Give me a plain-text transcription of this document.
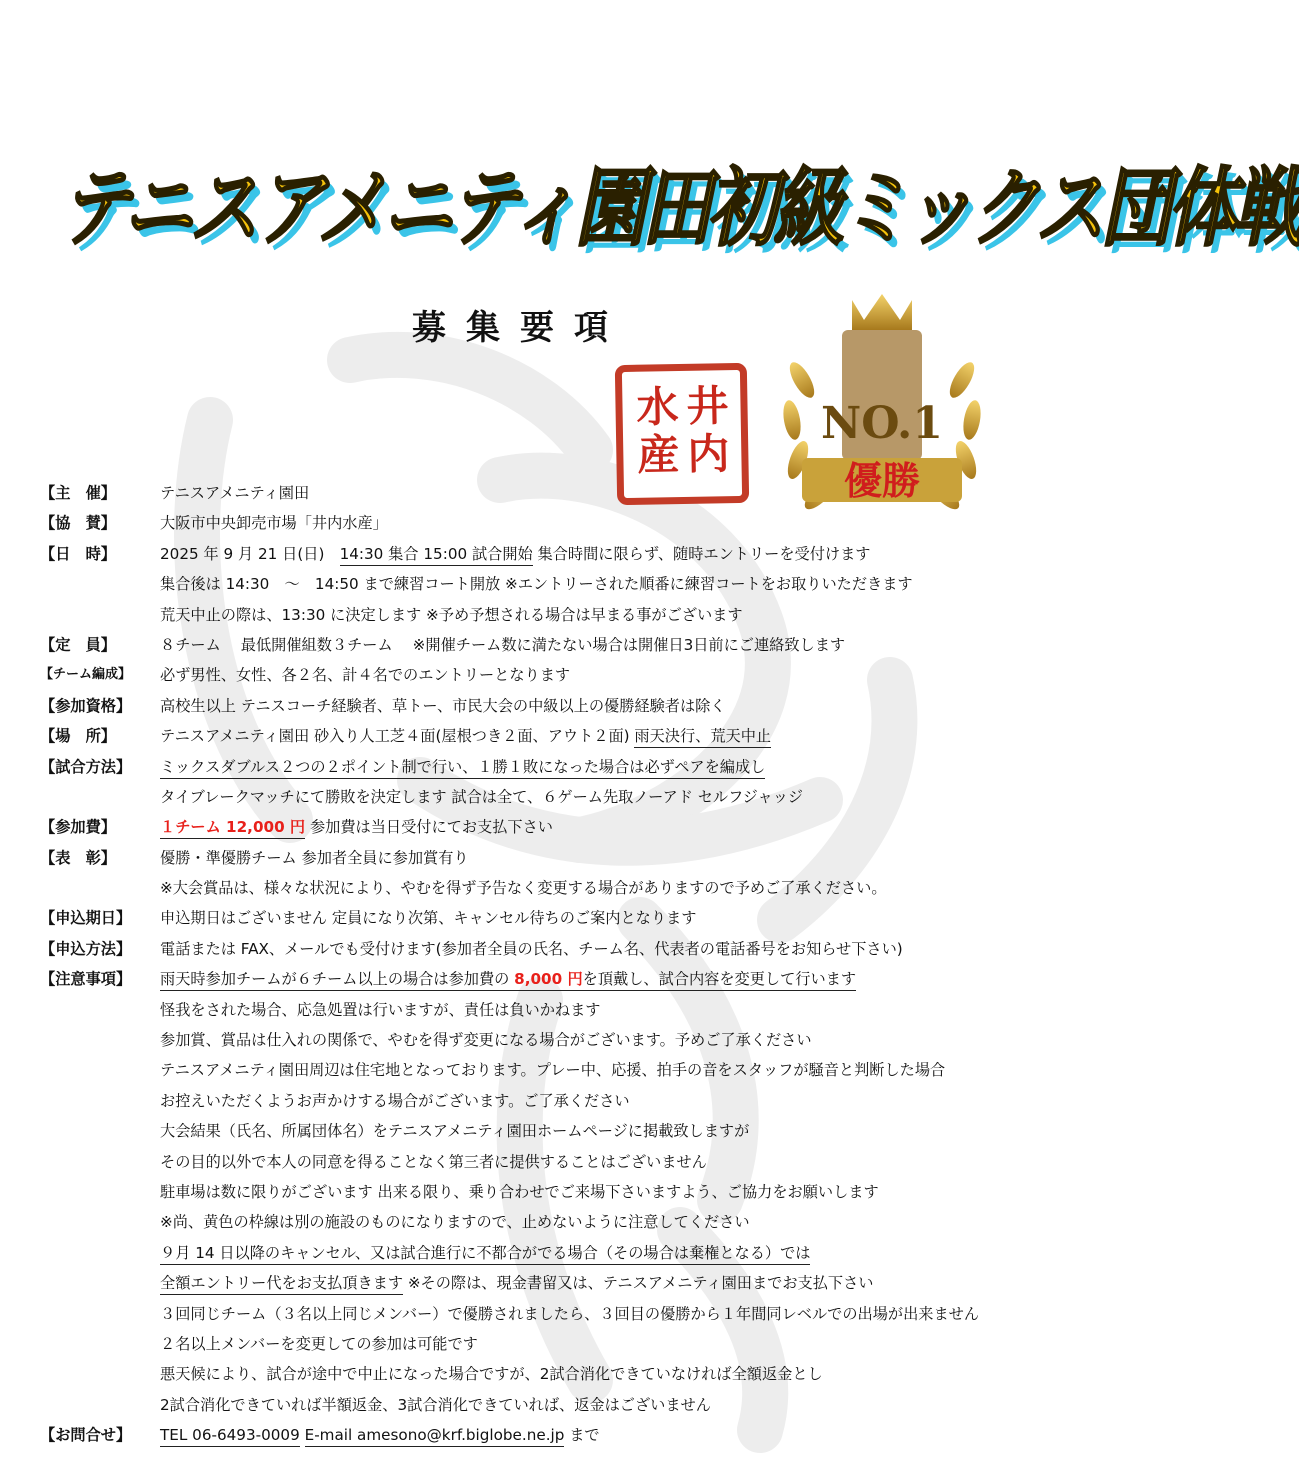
テニスアメニティ園田初級ミックス団体戦
募集要項
井
内
水
産
NO.1
優勝
【主　催】	テニスアメニティ園田
【協　賛】	大阪市中央卸売市場「井内水産」
【日　時】	2025 年 9 月 21 日(日)　14:30 集合 15:00 試合開始 集合時間に限らず、随時エントリーを受付けます
集合後は 14:30　～　14:50 まで練習コート開放 ※エントリーされた順番に練習コートをお取りいただきます
荒天中止の際は、13:30 に決定します ※予め予想される場合は早まる事がございます
【定　員】	８チーム　 最低開催組数３チーム　 ※開催チーム数に満たない場合は開催日3日前にご連絡致します
【チーム編成】	必ず男性、女性、各２名、計４名でのエントリーとなります
【参加資格】	高校生以上 テニスコーチ経験者、草トー、市民大会の中級以上の優勝経験者は除く
【場　所】	テニスアメニティ園田 砂入り人工芝４面(屋根つき２面、アウト２面) 雨天決行、荒天中止
【試合方法】	ミックスダブルス２つの２ポイント制で行い、１勝１敗になった場合は必ずペアを編成し
タイブレークマッチにて勝敗を決定します 試合は全て、６ゲーム先取ノーアド セルフジャッジ
【参加費】	１チーム 12,000 円 参加費は当日受付にてお支払下さい
【表　彰】	優勝・準優勝チーム 参加者全員に参加賞有り
※大会賞品は、様々な状況により、やむを得ず予告なく変更する場合がありますので予めご了承ください。
【申込期日】	申込期日はございません 定員になり次第、キャンセル待ちのご案内となります
【申込方法】	電話または FAX、メールでも受付けます(参加者全員の氏名、チーム名、代表者の電話番号をお知らせ下さい)
【注意事項】	雨天時参加チームが６チーム以上の場合は参加費の 8,000 円を頂戴し、試合内容を変更して行います
怪我をされた場合、応急処置は行いますが、責任は負いかねます
参加賞、賞品は仕入れの関係で、やむを得ず変更になる場合がございます。予めご了承ください
テニスアメニティ園田周辺は住宅地となっております。プレー中、応援、拍手の音をスタッフが騒音と判断した場合
お控えいただくようお声かけする場合がございます。ご了承ください
大会結果（氏名、所属団体名）をテニスアメニティ園田ホームページに掲載致しますが
その目的以外で本人の同意を得ることなく第三者に提供することはございません
駐車場は数に限りがございます 出来る限り、乗り合わせでご来場下さいますよう、ご協力をお願いします
※尚、黄色の枠線は別の施設のものになりますので、止めないように注意してください
９月 14 日以降のキャンセル、又は試合進行に不都合がでる場合（その場合は棄権となる）では
全額エントリー代をお支払頂きます ※その際は、現金書留又は、テニスアメニティ園田までお支払下さい
３回同じチーム（３名以上同じメンバー）で優勝されましたら、３回目の優勝から１年間同レベルでの出場が出来ません
２名以上メンバーを変更しての参加は可能です
悪天候により、試合が途中で中止になった場合ですが、2試合消化できていなければ全額返金とし
2試合消化できていれば半額返金、3試合消化できていれば、返金はございません
【お問合せ】	TEL 06-6493-0009 E-mail amesono@krf.biglobe.ne.jp まで
